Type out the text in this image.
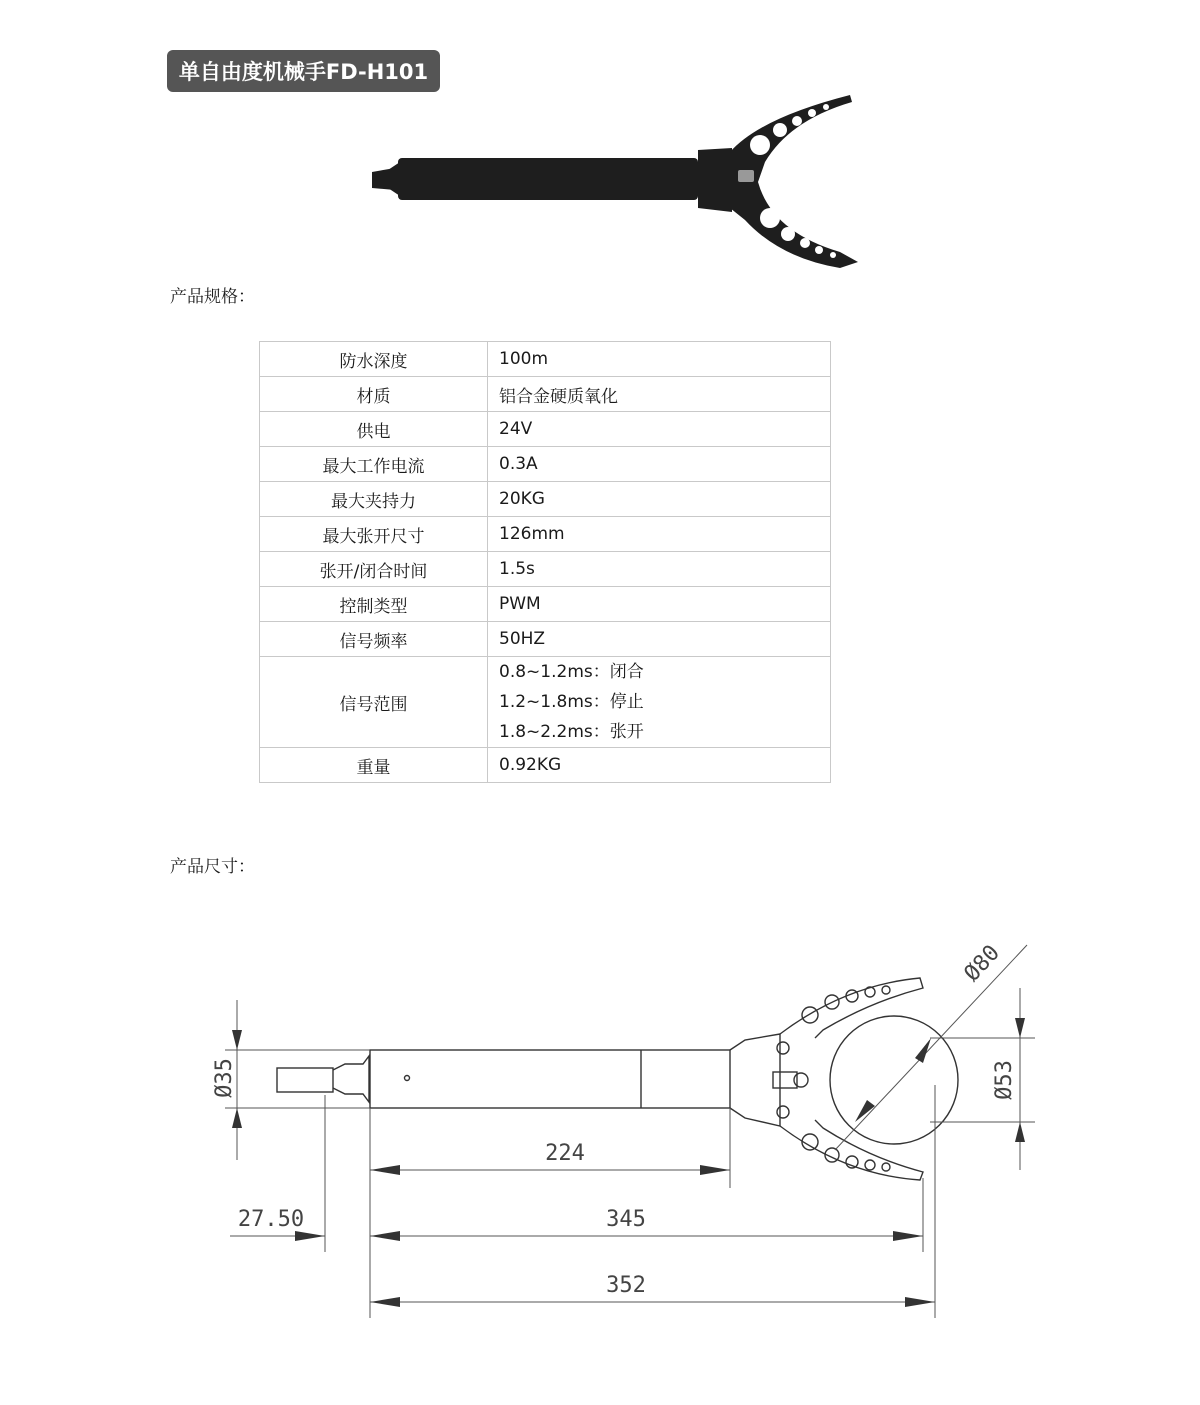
单自由度机械手FD-H101
产品规格：
防水深度	100m
材质	铝合金硬质氧化
供电	24V
最大工作电流	0.3A
最大夹持力	20KG
最大张开尺寸	126mm
张开/闭合时间	1.5s
控制类型	PWM
信号频率	50HZ
信号范围	0.8~1.2ms：闭合
1.2~1.8ms：停止
1.8~2.2ms：张开

重量	0.92KG
产品尺寸：
Ø35	Ø53
Ø80
224
27.50	345
352
